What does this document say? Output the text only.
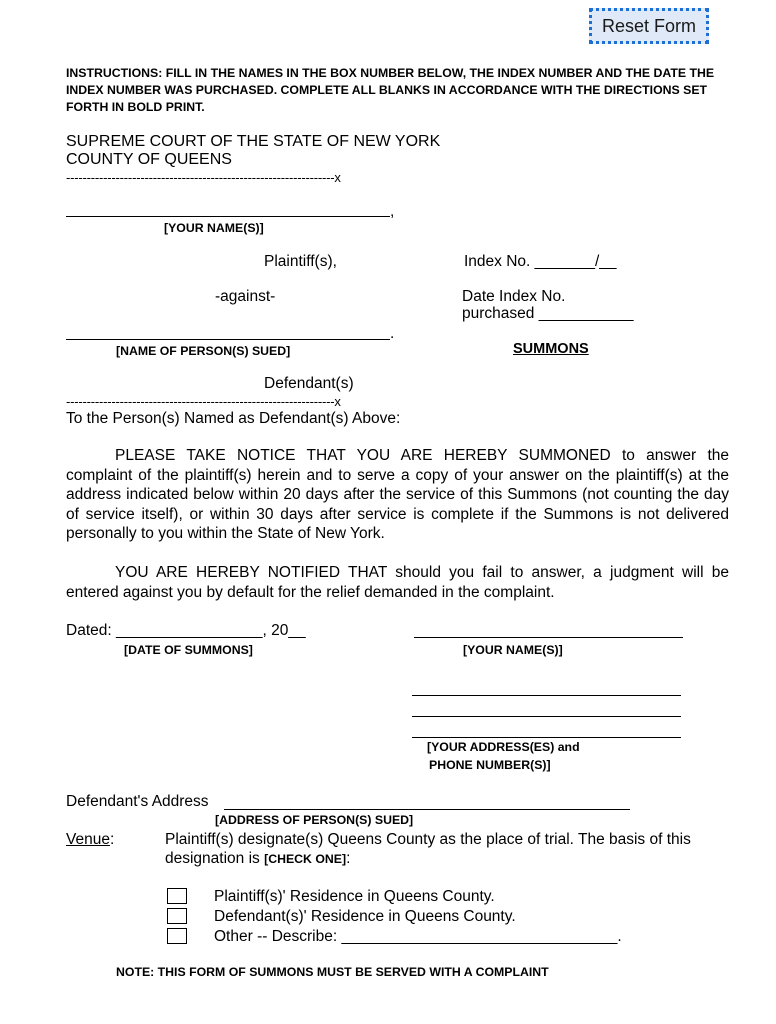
Reset Form
INSTRUCTIONS: FILL IN THE NAMES IN THE BOX NUMBER BELOW, THE INDEX NUMBER AND THE DATE THE INDEX NUMBER WAS PURCHASED. COMPLETE ALL BLANKS IN ACCORDANCE WITH THE DIRECTIONS SET FORTH IN BOLD PRINT.
SUPREME COURT OF THE STATE OF NEW YORK
COUNTY OF QUEENS
-----------------------------------------------------------------x
,
[YOUR NAME(S)]
Plaintiff(s),	Index No. _______/__
-against-	Date Index No.
purchased ___________
.
[NAME OF PERSON(S) SUED]	SUMMONS
Defendant(s)
-----------------------------------------------------------------x
To the Person(s) Named as Defendant(s) Above:
PLEASE TAKE NOTICE THAT YOU ARE HEREBY SUMMONED to answer the complaint of the plaintiff(s) herein and to serve a copy of your answer on the plaintiff(s) at the address indicated below within 20 days after the service of this Summons (not counting the day of service itself), or within 30 days after service is complete if the Summons is not delivered personally to you within the State of New York.
YOU ARE HEREBY NOTIFIED THAT should you fail to answer, a judgment will be entered against you by default for the relief demanded in the complaint.
Dated: _________________, 20__
[DATE OF SUMMONS]	[YOUR NAME(S)]
[YOUR ADDRESS(ES) and
PHONE NUMBER(S)]
Defendant's Address
[ADDRESS OF PERSON(S) SUED]
Venue:	Plaintiff(s) designate(s) Queens County as the place of trial. The basis of this
designation is [CHECK ONE]:
Plaintiff(s)' Residence in Queens County.
Defendant(s)' Residence in Queens County.
Other -- Describe: ________________________________.
NOTE: THIS FORM OF SUMMONS MUST BE SERVED WITH A COMPLAINT
